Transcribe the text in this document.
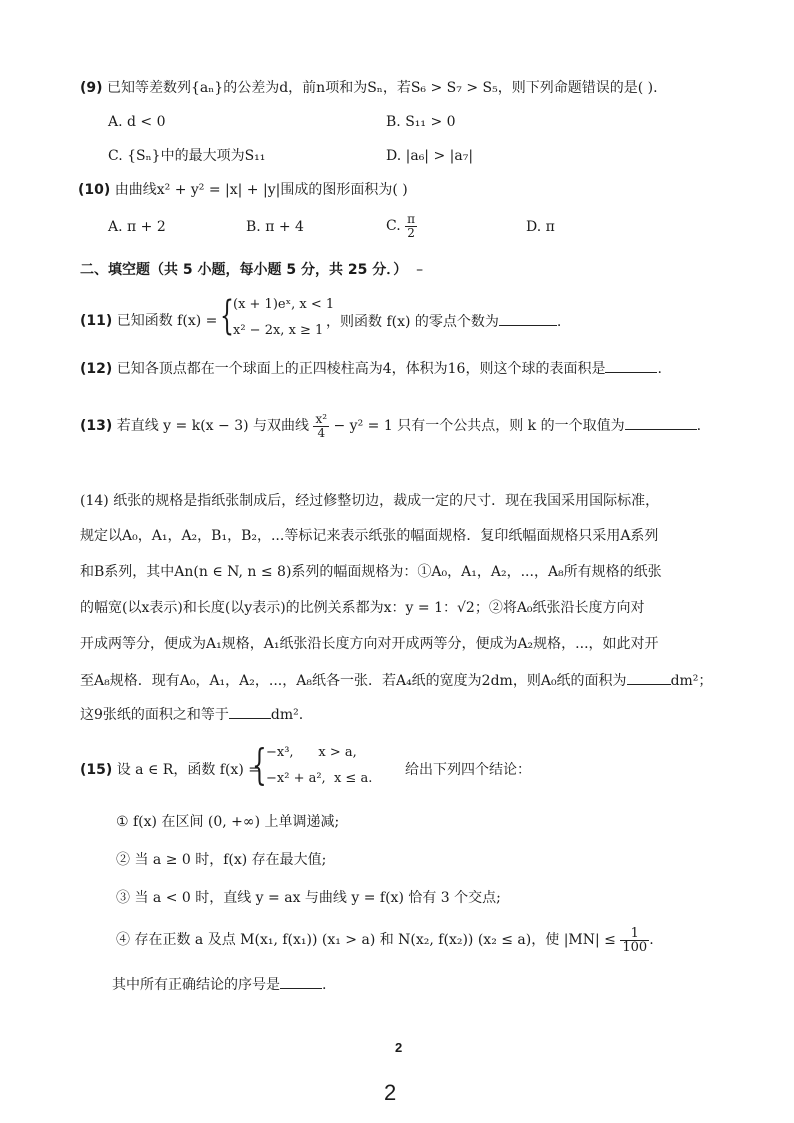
(9) 已知等差数列{aₙ}的公差为d，前n项和为Sₙ，若S₆ > S₇ > S₅，则下列命题错误的是( ).
A. d < 0	B. S₁₁ > 0
C. {Sₙ}中的最大项为S₁₁	D. |a₆| > |a₇|
(10) 由曲线x² + y² = |x| + |y|围成的图形面积为( )
A. π + 2	B. π + 4	C. $\frac{\pi}{2}$	D. π
二、填空题（共 5 小题，每小题 5 分，共 25 分．） –
(11) 已知函数 f(x) = { (x + 1)eˣ, x < 1
x² − 2x, x ≥ 1
，则函数 f(x) 的零点个数为	.
(12) 已知各顶点都在一个球面上的正四棱柱高为4，体积为16，则这个球的表面积是	.
(13) 若直线 y = k(x − 3) 与双曲线 $\frac{\text{x²}}{4} - y^2 = 1$ 只有一个公共点，则 k 的一个取值为	.
(14) 纸张的规格是指纸张制成后，经过修整切边，裁成一定的尺寸．现在我国采用国际标准，
规定以A₀，A₁，A₂，B₁，B₂，...等标记来表示纸张的幅面规格．复印纸幅面规格只采用A系列
和B系列，其中An(n ∈ N, n ≤ 8)系列的幅面规格为：①A₀，A₁，A₂，...，A₈所有规格的纸张
的幅宽(以x表示)和长度(以y表示)的比例关系都为x：y = 1：√2；②将A₀纸张沿长度方向对
开成两等分，便成为A₁规格，A₁纸张沿长度方向对开成两等分，便成为A₂规格，...，如此对开
至A₈规格．现有A₀，A₁，A₂，...，A₈纸各一张．若A₄纸的宽度为2dm，则A₀纸的面积为	dm²；
这9张纸的面积之和等于	dm².
(15) 设 a ∈ R，函数 f(x) =
{ −x³,      x > a,
−x² + a²,  x ≤ a.
给出下列四个结论：
① f(x) 在区间 (0, +∞) 上单调递减;
② 当 a ≥ 0 时，f(x) 存在最大值;
③ 当 a < 0 时，直线 y = ax 与曲线 y = f(x) 恰有 3 个交点;
④ 存在正数 a 及点 M(x₁, f(x₁)) (x₁ > a) 和 N(x₂, f(x₂)) (x₂ ≤ a)，使 $|MN| \le \frac{1}{100}$ .
其中所有正确结论的序号是	.
2
2
